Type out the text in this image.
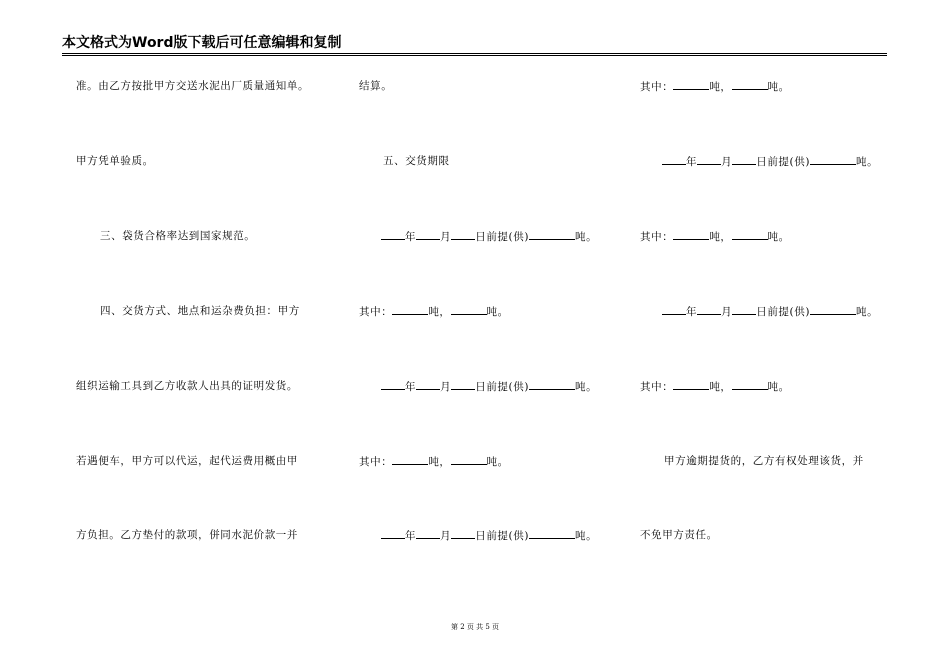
本文格式为Word版下载后可任意编辑和复制
准。由乙方按批甲方交送水泥出厂质量通知单。
甲方凭单验质。
三、袋货合格率达到国家规范。
四、交货方式、地点和运杂费负担：甲方
组织运输工具到乙方收款人出具的证明发货。
若遇便车，甲方可以代运，起代运费用概由甲
方负担。乙方垫付的款项，併同水泥价款一并
结算。
五、交货期限
年 月 日前提(供)	吨。
其中：	吨，	吨。
年 月 日前提(供)	吨。
其中：	吨，	吨。
年 月 日前提(供)	吨。
其中：	吨，	吨。
年 月 日前提(供)	吨。
其中：	吨，	吨。
年 月 日前提(供)	吨。
其中：	吨，	吨。
甲方逾期提货的，乙方有权处理该货，并
不免甲方责任。
第 2 页 共 5 页
